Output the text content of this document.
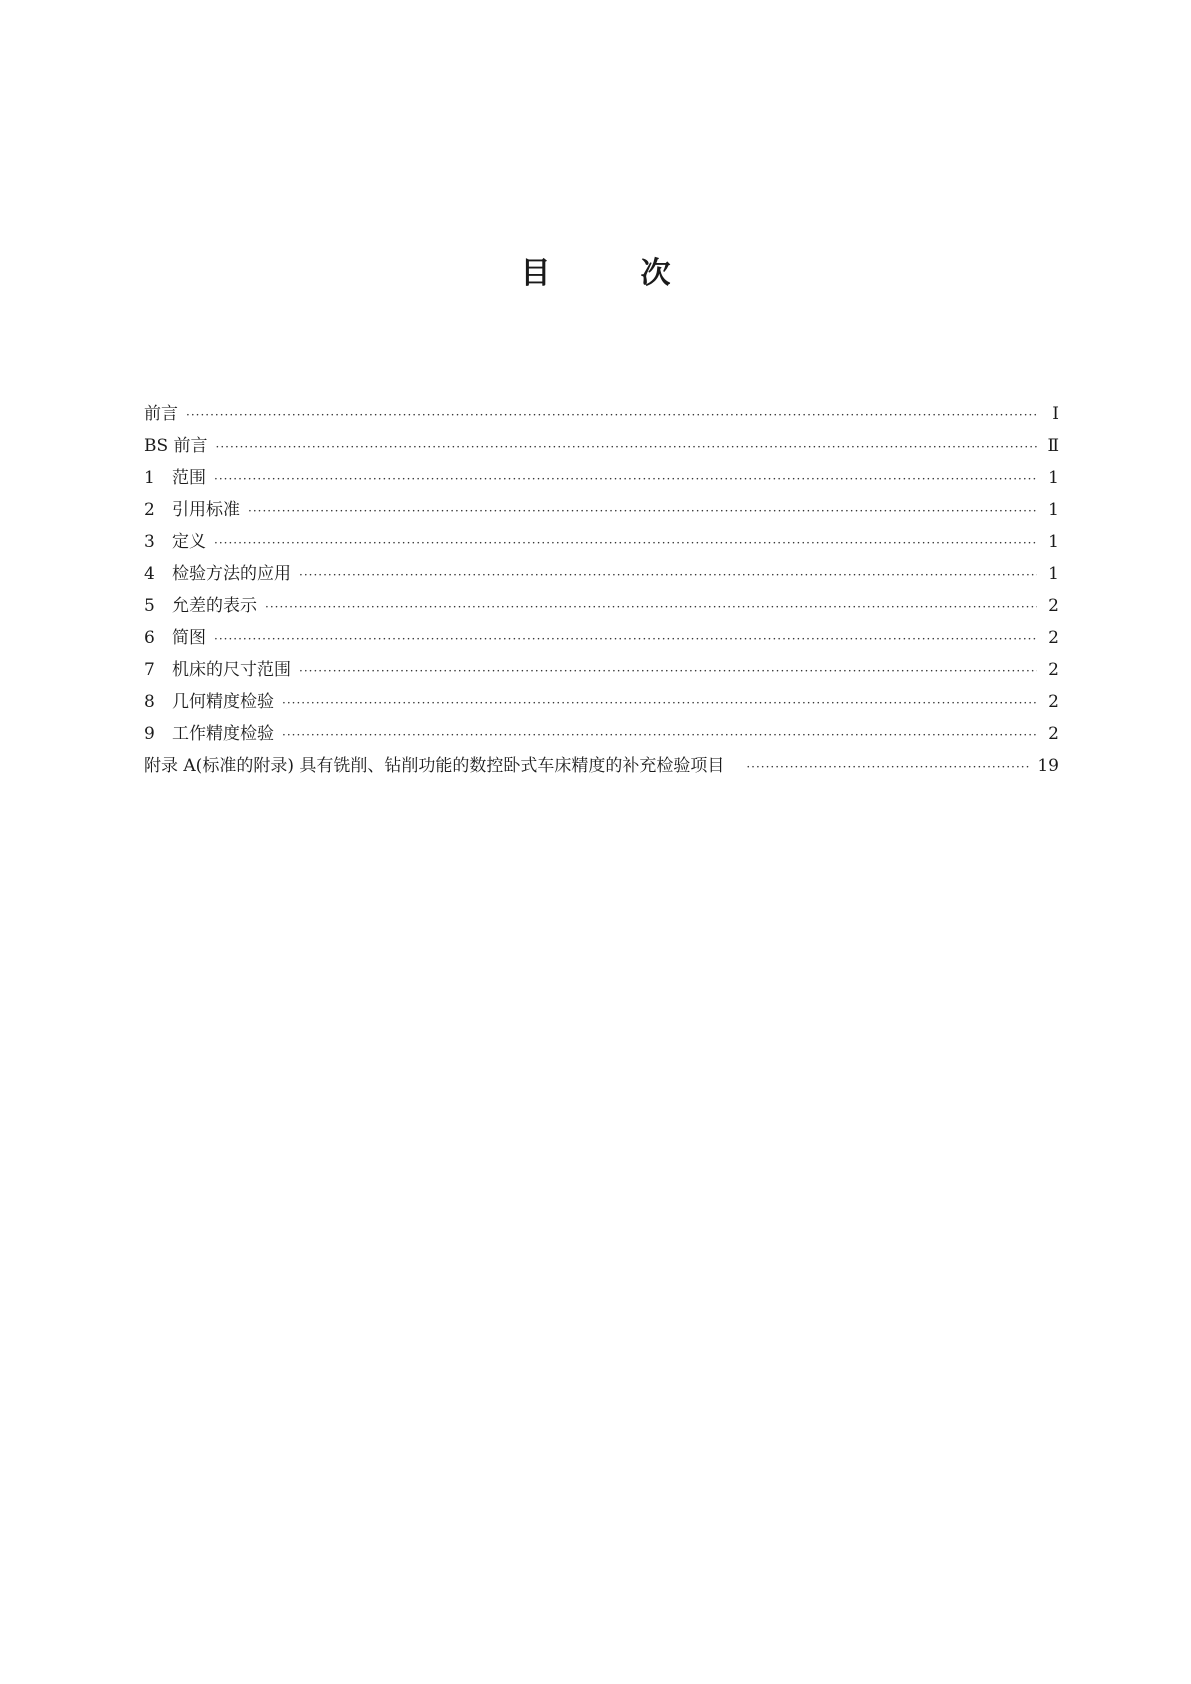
目	次
前言 ·····	I
BS 前言 ·····	Ⅱ
1	范围 ·····	1
2	引用标准 ·····	1
3	定义 ·····	1
4	检验方法的应用 ·····	1
5	允差的表示 ·····	2
6	简图 ·····	2
7	机床的尺寸范围 ·····	2
8	几何精度检验 ·····	2
9	工作精度检验 ·····	2
附录 A(标准的附录) 具有铣削、钻削功能的数控卧式车床精度的补充检验项目 ·····	19
